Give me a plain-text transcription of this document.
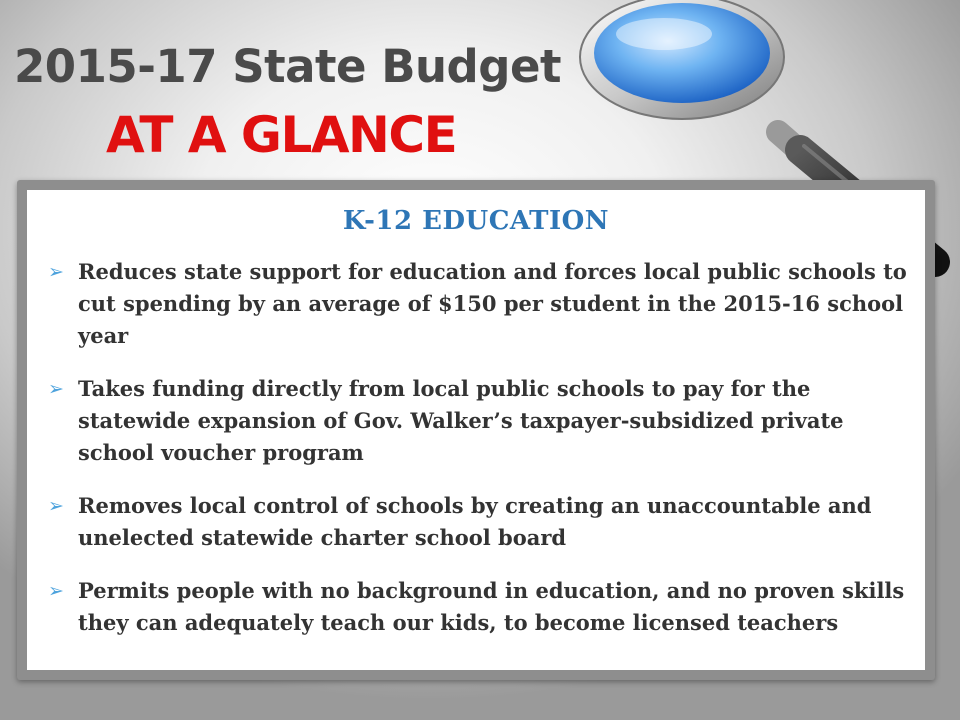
2015-17 State Budget
AT A GLANCE
K-12 EDUCATION
➢ Reduces state support for education and forces local public schools to cut spending by an average of $150 per student in the 2015-16 school year
➢ Takes funding directly from local public schools to pay for the statewide expansion of Gov. Walker’s taxpayer-subsidized private school voucher program
➢ Removes local control of schools by creating an unaccountable and unelected statewide charter school board
➢ Permits people with no background in education, and no proven skills they can adequately teach our kids, to become licensed teachers
